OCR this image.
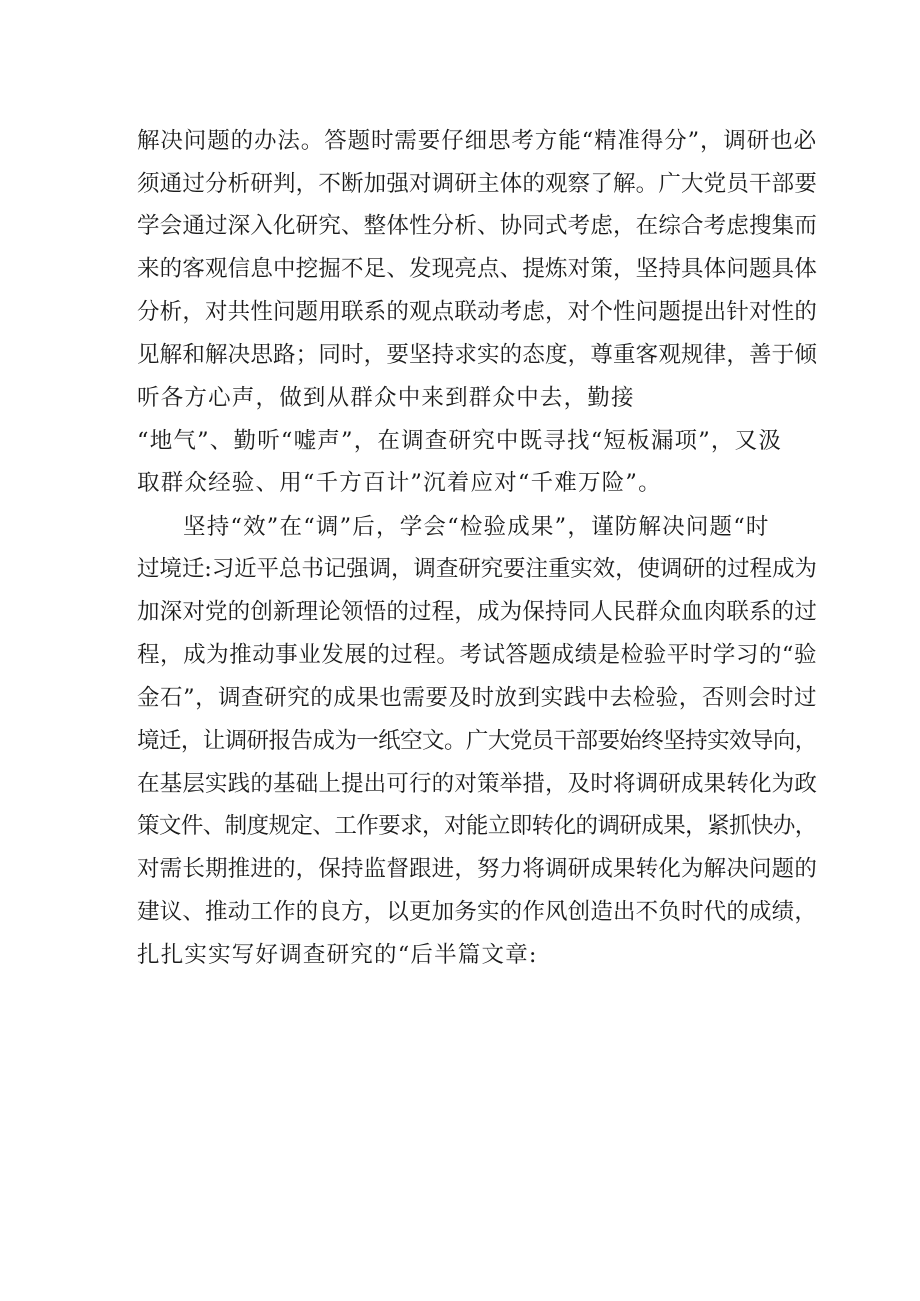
解决问题的办法。答题时需要仔细思考方能“精准得分”，调研也必
须通过分析研判，不断加强对调研主体的观察了解。广大党员干部要
学会通过深入化研究、整体性分析、协同式考虑，在综合考虑搜集而
来的客观信息中挖掘不足、发现亮点、提炼对策，坚持具体问题具体
分析，对共性问题用联系的观点联动考虑，对个性问题提出针对性的
见解和解决思路；同时，要坚持求实的态度，尊重客观规律，善于倾
听各方心声，做到从群众中来到群众中去，勤接
“地气”、勤听“嘘声”，在调查研究中既寻找“短板漏项”，又汲
取群众经验、用“千方百计”沉着应对“千难万险”。
坚持“效”在“调”后，学会“检验成果”，谨防解决问题“时
过境迁:习近平总书记强调，调查研究要注重实效，使调研的过程成为
加深对党的创新理论领悟的过程，成为保持同人民群众血肉联系的过
程，成为推动事业发展的过程。考试答题成绩是检验平时学习的“验
金石”，调查研究的成果也需要及时放到实践中去检验，否则会时过
境迁，让调研报告成为一纸空文。广大党员干部要始终坚持实效导向，
在基层实践的基础上提出可行的对策举措，及时将调研成果转化为政
策文件、制度规定、工作要求，对能立即转化的调研成果，紧抓快办，
对需长期推进的，保持监督跟进，努力将调研成果转化为解决问题的
建议、推动工作的良方，以更加务实的作风创造出不负时代的成绩，
扎扎实实写好调查研究的“后半篇文章:
